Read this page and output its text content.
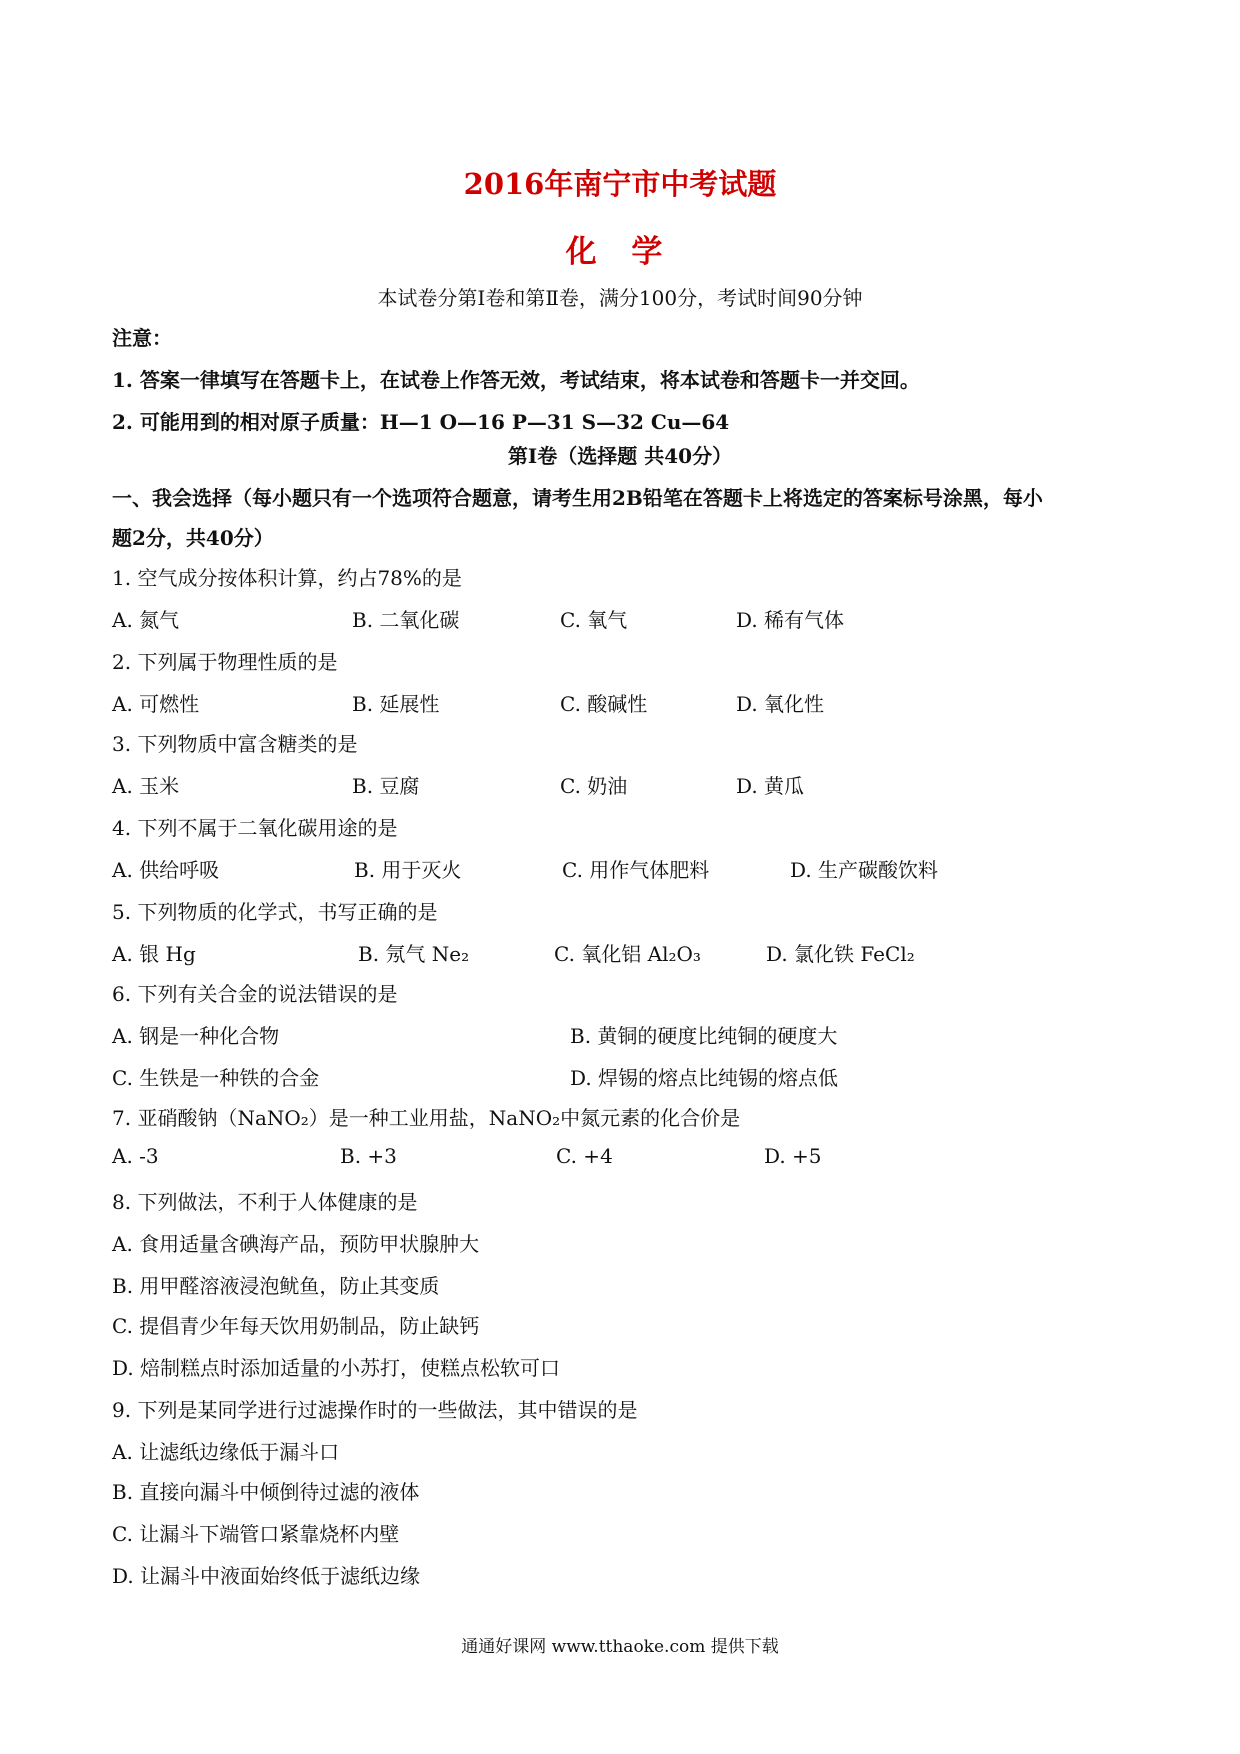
2016年南宁市中考试题
化 学
本试卷分第Ⅰ卷和第Ⅱ卷，满分100分，考试时间90分钟
注意：
1. 答案一律填写在答题卡上，在试卷上作答无效，考试结束，将本试卷和答题卡一并交回。
2. 可能用到的相对原子质量：H—1 O—16 P—31 S—32 Cu—64
第Ⅰ卷（选择题 共40分）
一、我会选择（每小题只有一个选项符合题意，请考生用2B铅笔在答题卡上将选定的答案标号涂黑，每小
题2分，共40分）
1. 空气成分按体积计算，约占78%的是
A. 氮气	B. 二氧化碳	C. 氧气	D. 稀有气体
2. 下列属于物理性质的是
A. 可燃性	B. 延展性	C. 酸碱性	D. 氧化性
3. 下列物质中富含糖类的是
A. 玉米	B. 豆腐	C. 奶油	D. 黄瓜
4. 下列不属于二氧化碳用途的是
A. 供给呼吸	B. 用于灭火	C. 用作气体肥料	D. 生产碳酸饮料
5. 下列物质的化学式，书写正确的是
A. 银 Hg	B. 氖气 Ne₂	C. 氧化铝 Al₂O₃	D. 氯化铁 FeCl₂
6. 下列有关合金的说法错误的是
A. 钢是一种化合物	B. 黄铜的硬度比纯铜的硬度大
C. 生铁是一种铁的合金	D. 焊锡的熔点比纯锡的熔点低
7. 亚硝酸钠（NaNO₂）是一种工业用盐，NaNO₂中氮元素的化合价是
A. -3	B. +3	C. +4	D. +5
8. 下列做法，不利于人体健康的是
A. 食用适量含碘海产品，预防甲状腺肿大
B. 用甲醛溶液浸泡鱿鱼，防止其变质
C. 提倡青少年每天饮用奶制品，防止缺钙
D. 焙制糕点时添加适量的小苏打，使糕点松软可口
9. 下列是某同学进行过滤操作时的一些做法，其中错误的是
A. 让滤纸边缘低于漏斗口
B. 直接向漏斗中倾倒待过滤的液体
C. 让漏斗下端管口紧靠烧杯内壁
D. 让漏斗中液面始终低于滤纸边缘
通通好课网 www.tthaoke.com 提供下载
